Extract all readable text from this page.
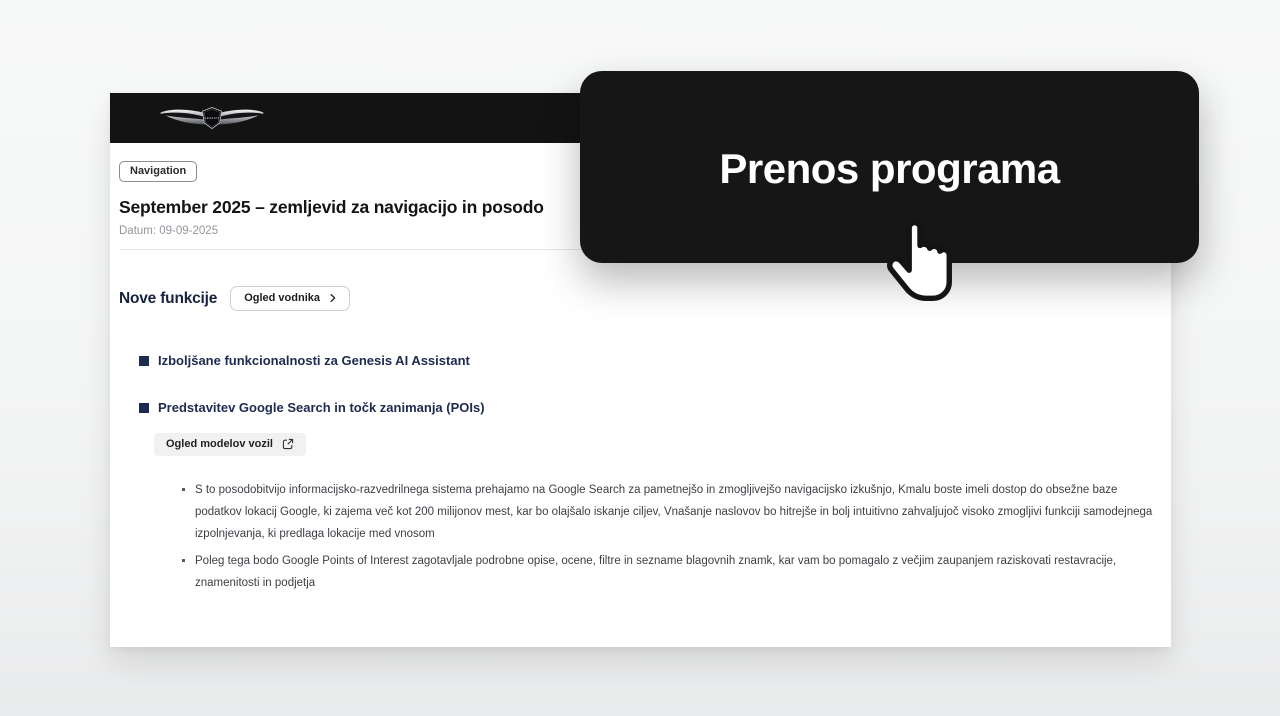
GENESIS
Navigation
September 2025 – zemljevid za navigacijo in posodo
Datum: 09-09-2025
Nove funkcije Ogled vodnika
Izboljšane funkcionalnosti za Genesis AI Assistant
Predstavitev Google Search in točk zanimanja (POIs)
Ogled modelov vozil
S to posodobitvijo informacijsko-razvedrilnega sistema prehajamo na Google Search za pametnejšo in zmogljivejšo navigacijsko izkušnjo, Kmalu boste imeli dostop do obsežne baze podatkov lokacij Google, ki zajema več kot 200 milijonov mest, kar bo olajšalo iskanje ciljev, Vnašanje naslovov bo hitrejše in bolj intuitivno zahvaljujoč visoko zmogljivi funkciji samodejnega izpolnjevanja, ki predlaga lokacije med vnosom
Poleg tega bodo Google Points of Interest zagotavljale podrobne opise, ocene, filtre in sezname blagovnih znamk, kar vam bo pomagalo z večjim zaupanjem raziskovati restavracije, znamenitosti in podjetja
Prenos programa
